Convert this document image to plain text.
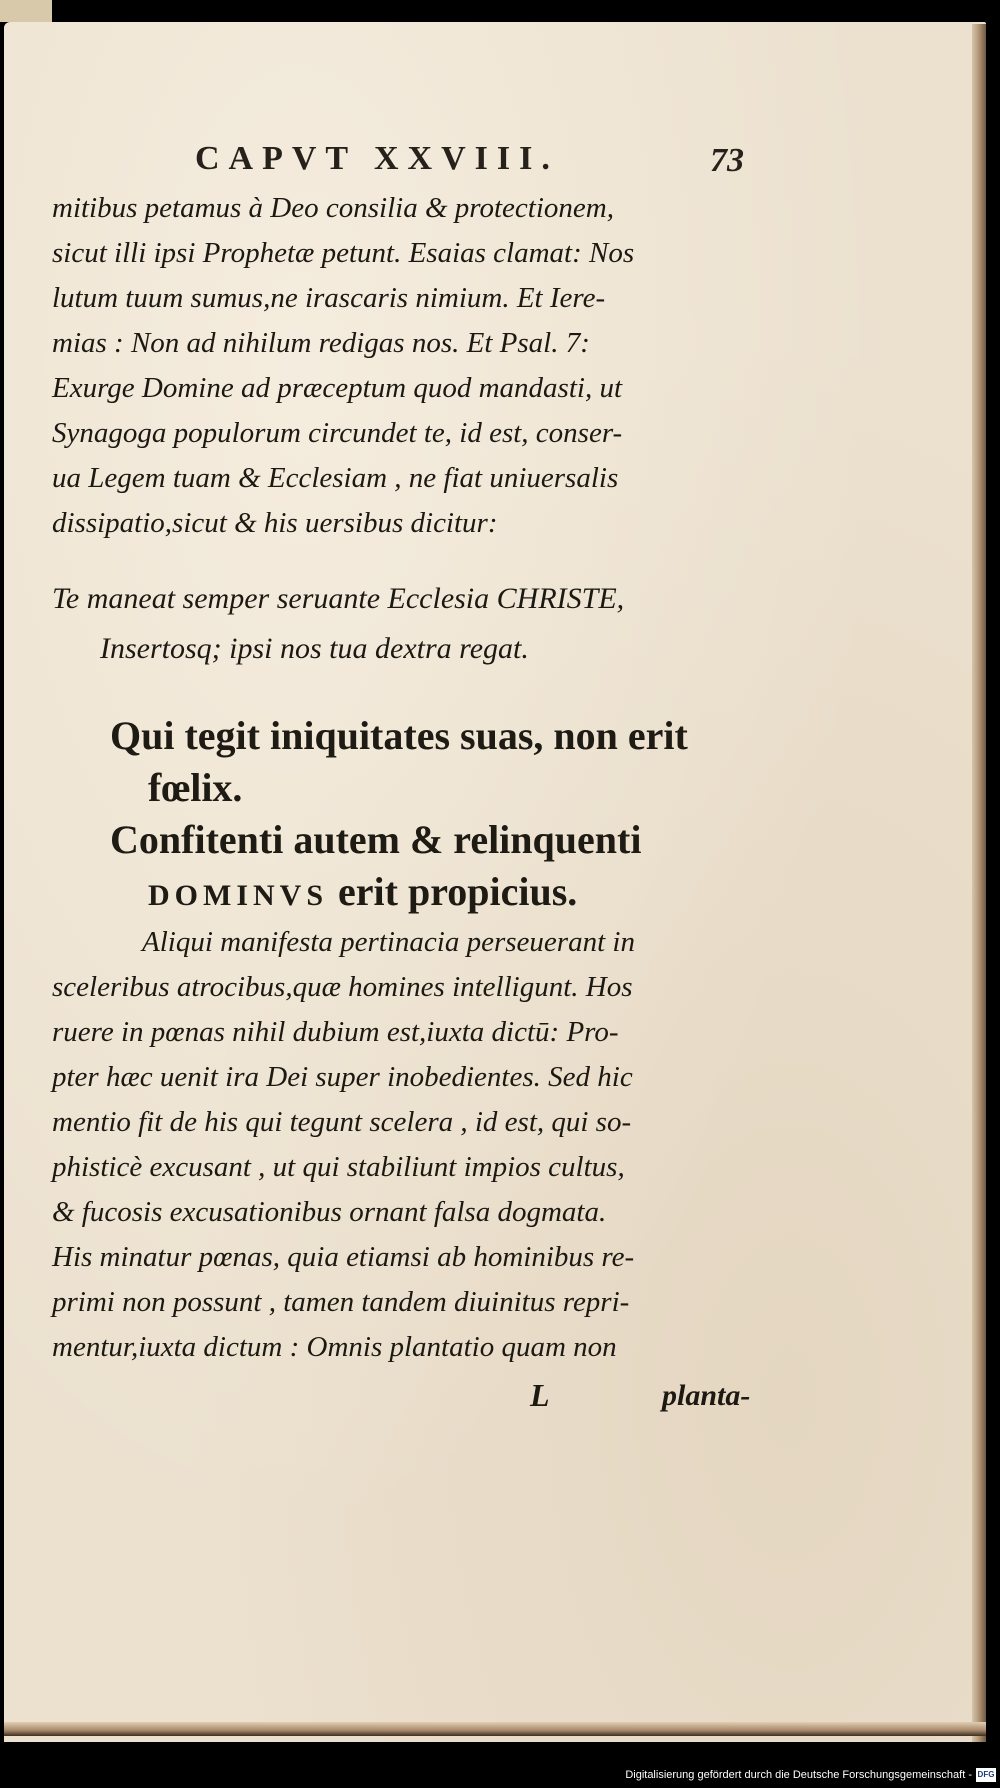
CAPVT XXVIII.	73
mitibus petamus à Deo consilia & protectionem,
sicut illi ipsi Prophetæ petunt. Esaias clamat: Nos
lutum tuum sumus,ne irascaris nimium. Et Iere-
mias : Non ad nihilum redigas nos. Et Psal. 7:
Exurge Domine ad præceptum quod mandasti, ut
Synagoga populorum circundet te, id est, conser-
ua Legem tuam & Ecclesiam , ne fiat uniuersalis
dissipatio,sicut & his uersibus dicitur:
Te maneat semper seruante Ecclesia CHRISTE,
Insertosq; ipsi nos tua dextra regat.
Qui tegit iniquitates suas, non erit
fœlix.
Confitenti autem & relinquenti
DOMINVS erit propicius.
Aliqui manifesta pertinacia perseuerant in
sceleribus atrocibus,quæ homines intelligunt. Hos
ruere in pœnas nihil dubium est,iuxta dictū: Pro-
pter hæc uenit ira Dei super inobedientes. Sed hic
mentio fit de his qui tegunt scelera , id est, qui so-
phisticè excusant , ut qui stabiliunt impios cultus,
& fucosis excusationibus ornant falsa dogmata.
His minatur pœnas, quia etiamsi ab hominibus re-
primi non possunt , tamen tandem diuinitus repri-
mentur,iuxta dictum : Omnis plantatio quam non
L	planta-
Digitalisierung gefördert durch die Deutsche Forschungsgemeinschaft - DFG
